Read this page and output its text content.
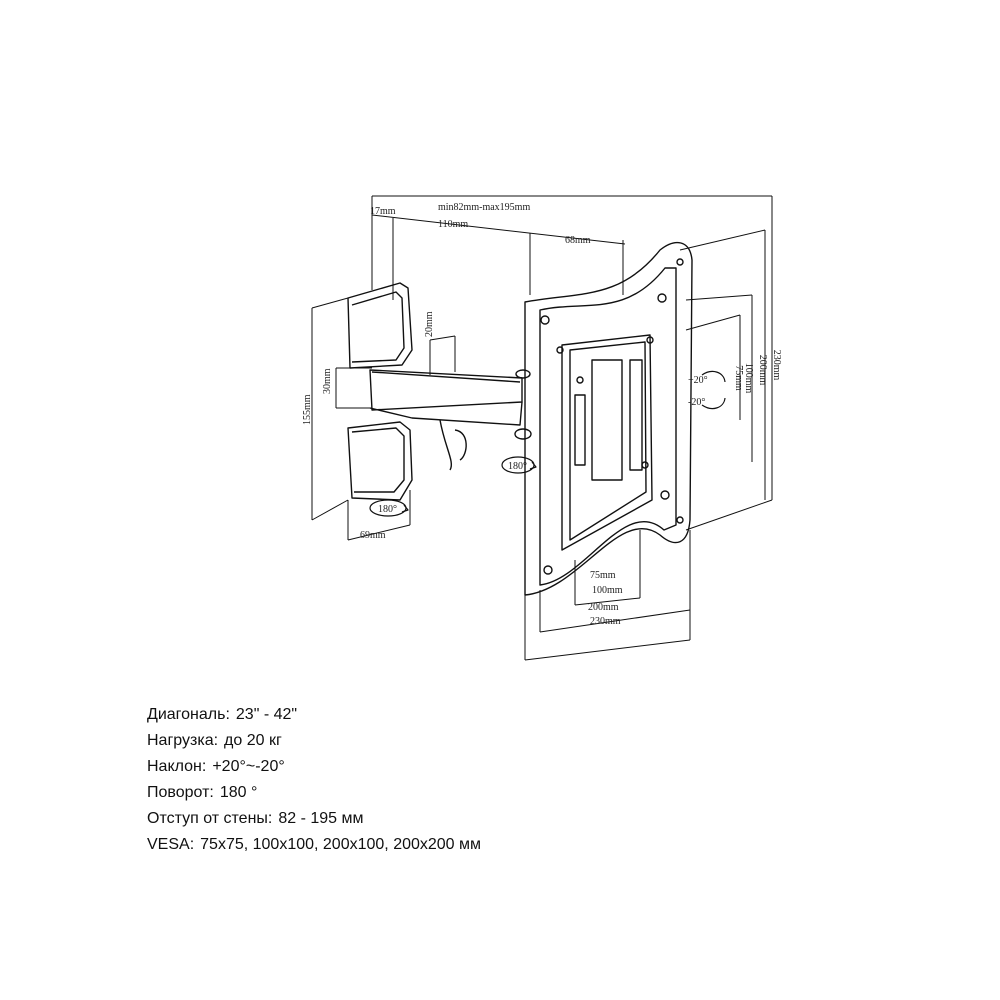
min82mm-max195mm
17mm
110mm
68mm
20mm
30mm
155mm
69mm
180°
180°
+20°
-20°
75mm 100mm 200mm 230mm
75mm
100mm
200mm
230mm
Диагональ: 23" - 42"
Нагрузка: до 20 кг
Наклон: +20°~-20°
Поворот: 180 °
Отступ от стены: 82 - 195 мм
VESA: 75x75, 100x100, 200x100, 200x200 мм
